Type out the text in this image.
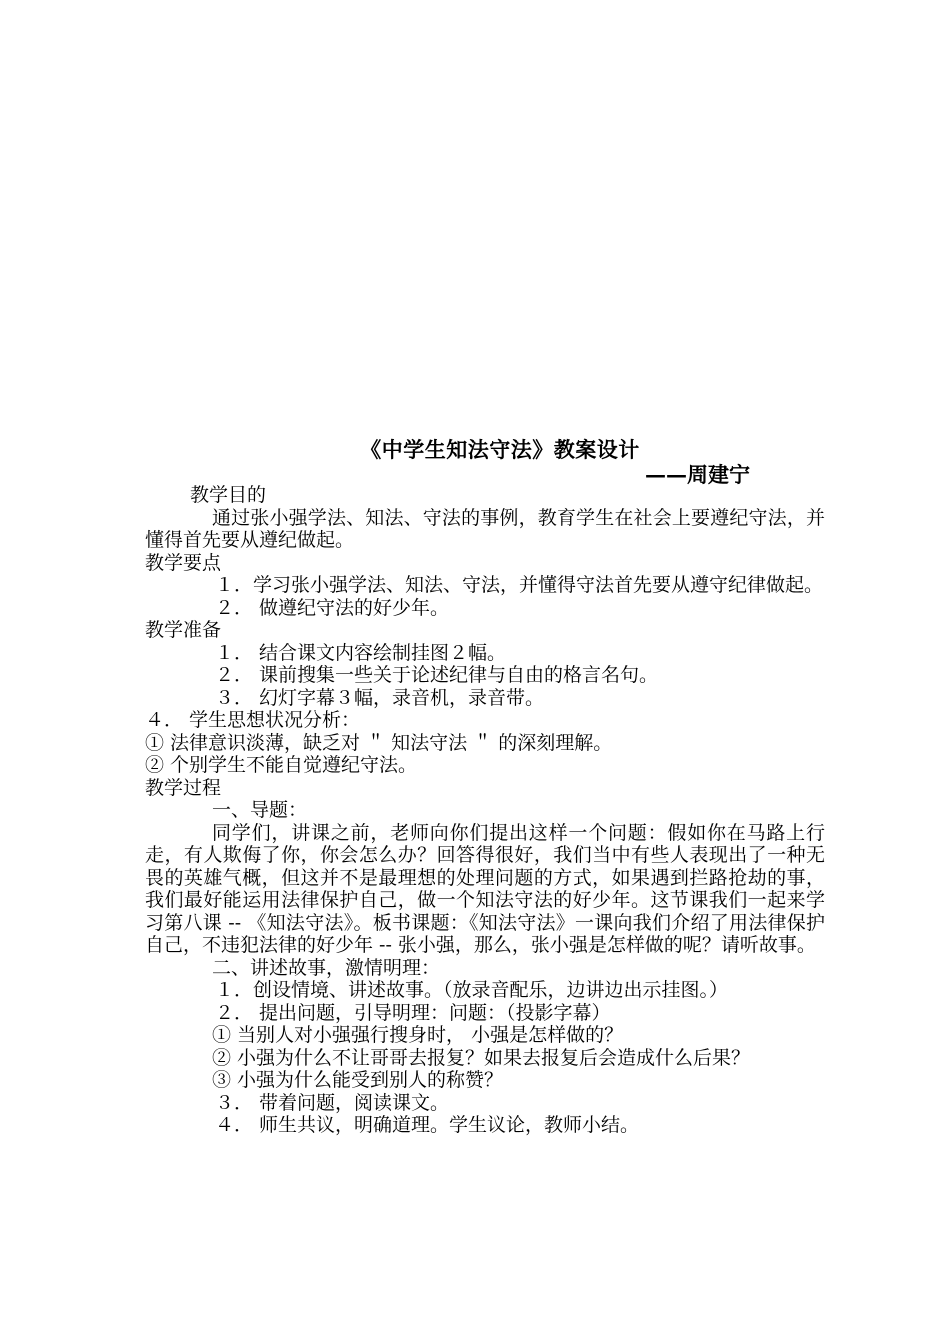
《中学生知法守法》教案设计
——周建宁

教学目的

通过张小强学法、知法、守法的事例，教育学生在社会上要遵纪守法，并懂得首先要从遵纪做起。

教学要点

１．学习张小强学法、知法、守法，并懂得守法首先要从遵守纪律做起。

２． 做遵纪守法的好少年。

教学准备

１． 结合课文内容绘制挂图２幅。

２． 课前搜集一些关于论述纪律与自由的格言名句。

３． 幻灯字幕３幅，录音机，录音带。

４． 学生思想状况分析：

① 法律意识淡薄，缺乏对 ＂ 知法守法 ＂ 的深刻理解。

② 个别学生不能自觉遵纪守法。

教学过程

一、导题：

同学们，讲课之前，老师向你们提出这样一个问题：假如你在马路上行走，有人欺侮了你，你会怎么办？回答得很好，我们当中有些人表现出了一种无畏的英雄气概，但这并不是最理想的处理问题的方式，如果遇到拦路抢劫的事，我们最好能运用法律保护自己，做一个知法守法的好少年。这节课我们一起来学习第八课 -- 《知法守法》。板书课题：《知法守法》一课向我们介绍了用法律保护自己，不违犯法律的好少年 -- 张小强，那么，张小强是怎样做的呢？请听故事。

二、讲述故事，激情明理：

１．创设情境、讲述故事。（放录音配乐，边讲边出示挂图。）

２． 提出问题，引导明理：问题：（投影字幕）

① 当别人对小强强行搜身时， 小强是怎样做的？

② 小强为什么不让哥哥去报复？如果去报复后会造成什么后果？

③ 小强为什么能受到别人的称赞？

３． 带着问题，阅读课文。

４． 师生共议，明确道理。学生议论，教师小结。
